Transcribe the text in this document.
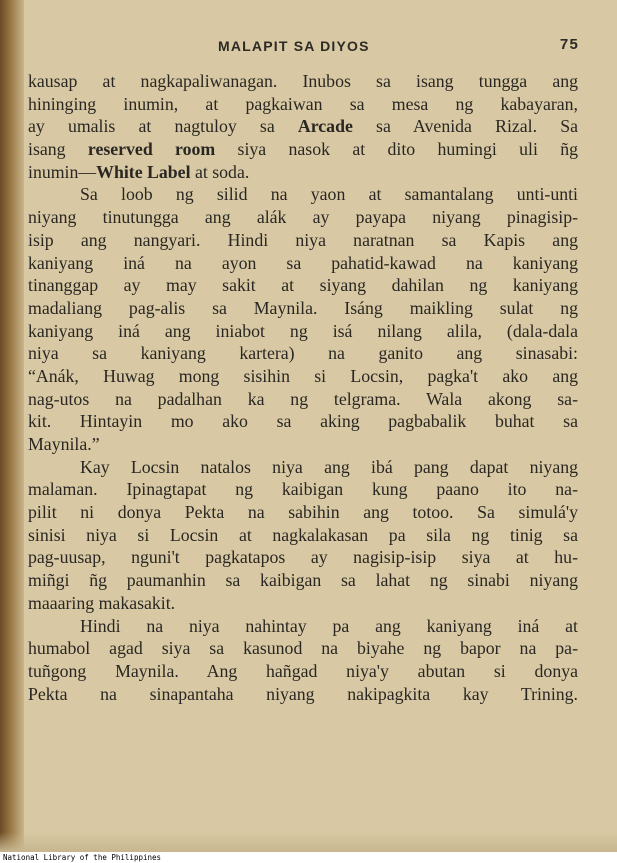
MALAPIT SA DIYOS	75
kausap at nagkapaliwanagan. Inubos sa isang tungga ang
hininging inumin, at pagkaiwan sa mesa ng kabayaran,
ay umalis at nagtuloy sa Arcade sa Avenida Rizal. Sa
isang reserved room siya nasok at dito humingi uli ñg
inumin—White Label at soda.
Sa loob ng silid na yaon at samantalang unti-unti
niyang tinutungga ang alák ay payapa niyang pinagisip-
isip ang nangyari. Hindi niya naratnan sa Kapis ang
kaniyang iná na ayon sa pahatid-kawad na kaniyang
tinanggap ay may sakit at siyang dahilan ng kaniyang
madaliang pag-alis sa Maynila. Isáng maikling sulat ng
kaniyang iná ang iniabot ng isá nilang alila, (dala-dala
niya sa kaniyang kartera) na ganito ang sinasabi:
“Anák, Huwag mong sisihin si Locsin, pagka't ako ang
nag-utos na padalhan ka ng telgrama. Wala akong sa-
kit. Hintayin mo ako sa aking pagbabalik buhat sa
Maynila.”
Kay Locsin natalos niya ang ibá pang dapat niyang
malaman. Ipinagtapat ng kaibigan kung paano ito na-
pilit ni donya Pekta na sabihin ang totoo. Sa simulá'y
sinisi niya si Locsin at nagkalakasan pa sila ng tinig sa
pag-uusap, nguni't pagkatapos ay nagisip-isip siya at hu-
miñgi ñg paumanhin sa kaibigan sa lahat ng sinabi niyang
maaaring makasakit.
Hindi na niya nahintay pa ang kaniyang iná at
humabol agad siya sa kasunod na biyahe ng bapor na pa-
tuñgong Maynila. Ang hañgad niya'y abutan si donya
Pekta na sinapantaha niyang nakipagkita kay Trining.
National Library of the Philippines
